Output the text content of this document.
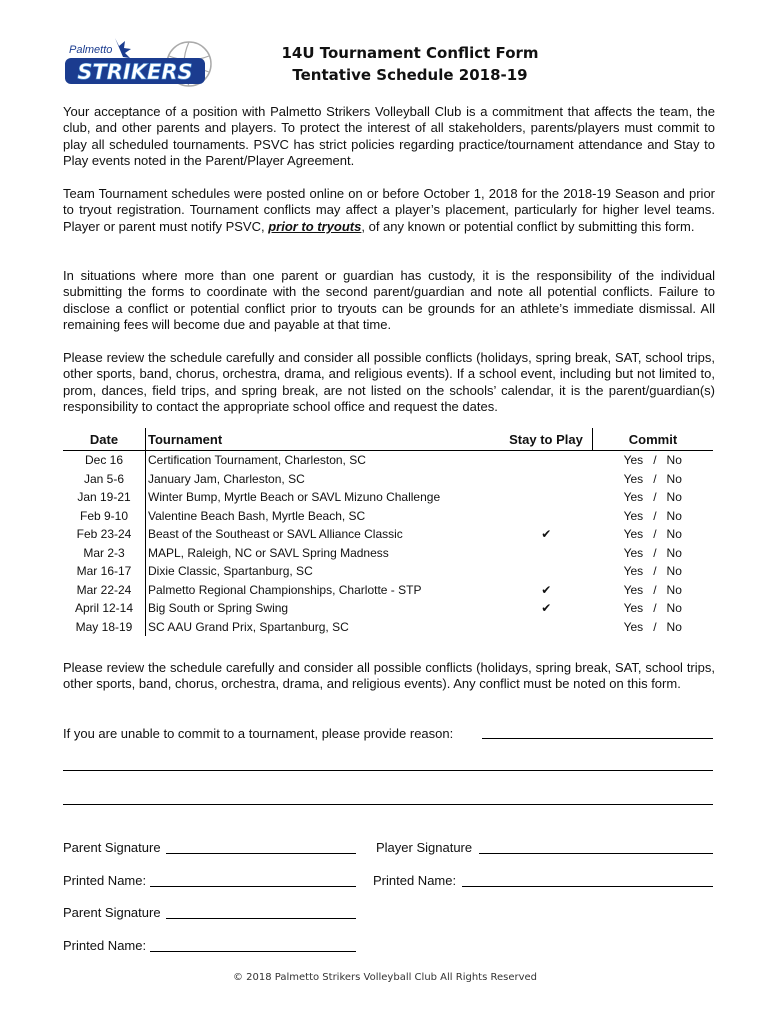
Palmetto
STRIKERS
14U Tournament Conflict Form
Tentative Schedule 2018-19

Your acceptance of a position with Palmetto Strikers Volleyball Club is a commitment that affects the team, the club, and other parents and players. To protect the interest of all stakeholders, parents/players must commit to play all scheduled tournaments. PSVC has strict policies regarding practice/tournament attendance and Stay to Play events noted in the Parent/Player Agreement.

Team Tournament schedules were posted online on or before October 1, 2018 for the 2018-19 Season and prior to tryout registration. Tournament conflicts may affect a player’s placement, particularly for higher level teams. Player or parent must notify PSVC, prior to tryouts, of any known or potential conflict by submitting this form.

In situations where more than one parent or guardian has custody, it is the responsibility of the individual submitting the forms to coordinate with the second parent/guardian and note all potential conflicts. Failure to disclose a conflict or potential conflict prior to tryouts can be grounds for an athlete’s immediate dismissal. All remaining fees will become due and payable at that time.

Please review the schedule carefully and consider all possible conflicts (holidays, spring break, SAT, school trips, other sports, band, chorus, orchestra, drama, and religious events). If a school event, including but not limited to, prom, dances, field trips, and spring break, are not listed on the schools’ calendar, it is the parent/guardian(s) responsibility to contact the appropriate school office and request the dates.

Date	Tournament	Stay to Play	Commit
Dec 16	Certification Tournament, Charleston, SC		Yes   /   No
Jan 5-6	January Jam, Charleston, SC		Yes   /   No
Jan 19-21	Winter Bump, Myrtle Beach or SAVL Mizuno Challenge		Yes   /   No
Feb 9-10	Valentine Beach Bash, Myrtle Beach, SC		Yes   /   No
Feb 23-24	Beast of the Southeast or SAVL Alliance Classic	✔	Yes   /   No
Mar 2-3	MAPL, Raleigh, NC or SAVL Spring Madness		Yes   /   No
Mar 16-17	Dixie Classic, Spartanburg, SC		Yes   /   No
Mar 22-24	Palmetto Regional Championships, Charlotte - STP	✔	Yes   /   No
April 12-14	Big South or Spring Swing	✔	Yes   /   No
May 18-19	SC AAU Grand Prix, Spartanburg, SC		Yes   /   No

Please review the schedule carefully and consider all possible conflicts (holidays, spring break, SAT, school trips, other sports, band, chorus, orchestra, drama, and religious events). Any conflict must be noted on this form.

If you are unable to commit to a tournament, please provide reason:
Parent Signature	Player Signature
Printed Name:	Printed Name:
Parent Signature
Printed Name:
© 2018 Palmetto Strikers Volleyball Club All Rights Reserved
